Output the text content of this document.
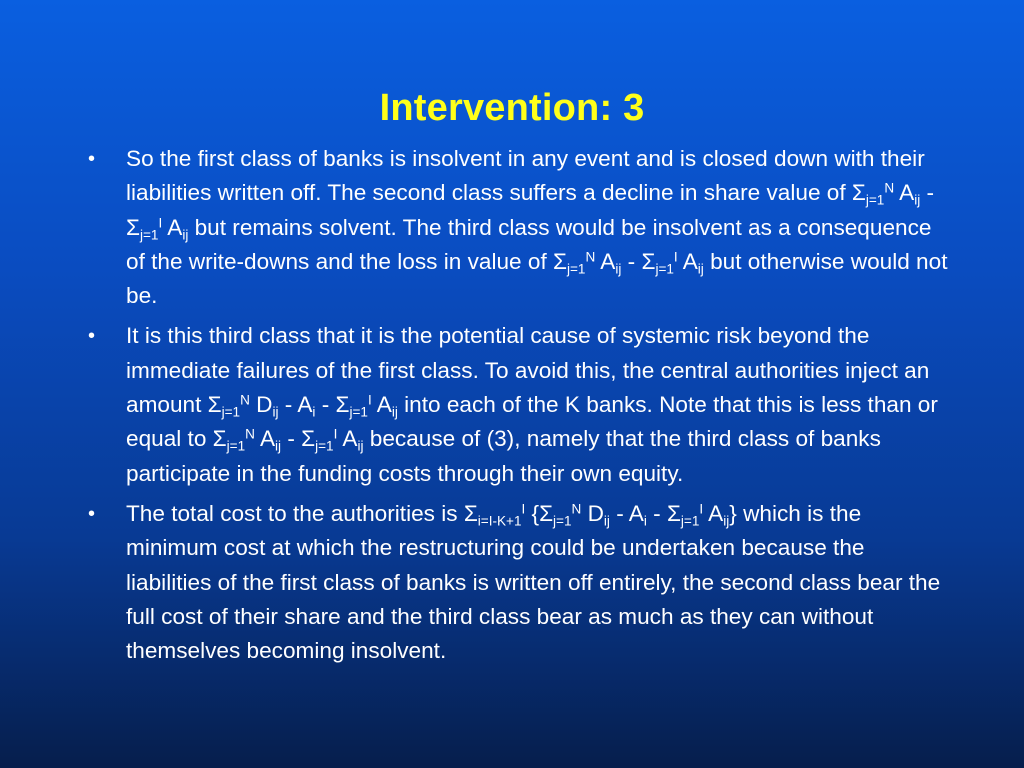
Intervention: 3
• So the first class of banks is insolvent in any event and is closed down with their liabilities written off. The second class suffers a decline in share value of $\Sigma_{j=1}^N$ $A_{ij} - \Sigma_{j=1}^I$ $A_{ij}$ but remains solvent. The third class would be insolvent as a consequence of the write-downs and the loss in value of $\Sigma_{j=1}^N$ $A_{ij} - \Sigma_{j=1}^I$ $A_{ij}$ but otherwise would not be.
• It is this third class that it is the potential cause of systemic risk beyond the immediate failures of the first class. To avoid this, the central authorities inject an amount $\Sigma_{j=1}^N$ $D_{ij} - A_i - \Sigma_{j=1}^I$ $A_{ij}$ into each of the K banks. Note that this is less than or equal to $\Sigma_{j=1}^N$ $A_{ij} - \Sigma_{j=1}^I$ $A_{ij}$ because of (3), namely that the third class of banks participate in the funding costs through their own equity.
• The total cost to the authorities is $\Sigma_{i=I-K+1}^I$ {$\Sigma_{j=1}^N$ $D_{ij} - A_i - \Sigma_{j=1}^I$ $A_{ij}$} which is the minimum cost at which the restructuring could be undertaken because the liabilities of the first class of banks is written off entirely, the second class bear the full cost of their share and the third class bear as much as they can without themselves becoming insolvent.
